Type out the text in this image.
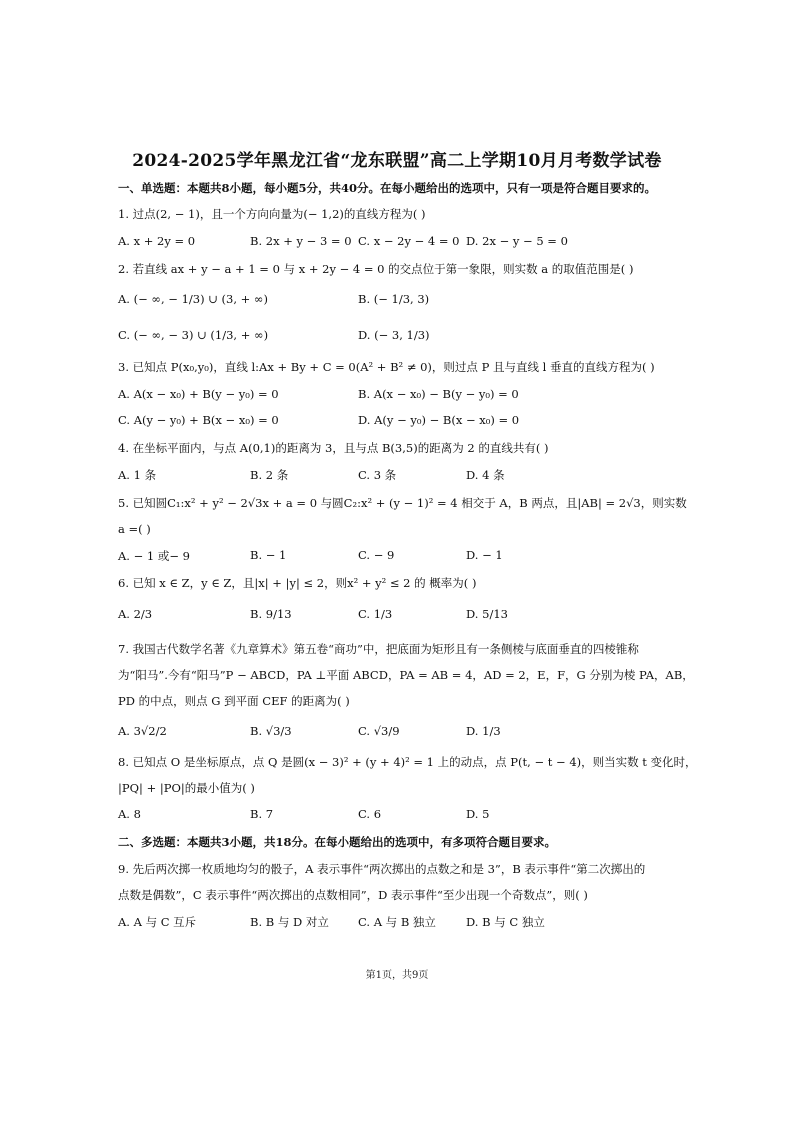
2024-2025学年黑龙江省“龙东联盟”高二上学期10月月考数学试卷
一、单选题：本题共8小题，每小题5分，共40分。在每小题给出的选项中，只有一项是符合题目要求的。
1. 过点(2, − 1)，且一个方向向量为(− 1,2)的直线方程为( )
A. x + 2y = 0	B. 2x + y − 3 = 0 C. x − 2y − 4 = 0 D. 2x − y − 5 = 0
2. 若直线 ax + y − a + 1 = 0 与 x + 2y − 4 = 0 的交点位于第一象限，则实数 a 的取值范围是( )
A. (− ∞, − 1/3) ∪ (3, + ∞)	B. (− 1/3, 3)
C. (− ∞, − 3) ∪ (1/3, + ∞)	D. (− 3, 1/3)
3. 已知点 P(x₀,y₀)，直线 l:Ax + By + C = 0(A² + B² ≠ 0)，则过点 P 且与直线 l 垂直的直线方程为( )
A. A(x − x₀) + B(y − y₀) = 0	B. A(x − x₀) − B(y − y₀) = 0
C. A(y − y₀) + B(x − x₀) = 0	D. A(y − y₀) − B(x − x₀) = 0
4. 在坐标平面内，与点 A(0,1)的距离为 3，且与点 B(3,5)的距离为 2 的直线共有( )
A. 1 条	B. 2 条	C. 3 条	D. 4 条
5. 已知圆C₁:x² + y² − 2√3x + a = 0 与圆C₂:x² + (y − 1)² = 4 相交于 A，B 两点，且|AB| = 2√3，则实数
a =( )
A. − 1 或− 9	B. − 1	C. − 9	D. − 1
6. 已知 x ∈ Z，y ∈ Z，且|x| + |y| ≤ 2，则x² + y² ≤ 2 的 概率为( )
A. 2/3	B. 9/13	C. 1/3	D. 5/13
7. 我国古代数学名著《九章算术》第五卷“商功”中，把底面为矩形且有一条侧棱与底面垂直的四棱锥称
为“阳马”.今有“阳马”P − ABCD，PA ⊥平面 ABCD，PA = AB = 4，AD = 2，E，F，G 分别为棱 PA，AB，
PD 的中点，则点 G 到平面 CEF 的距离为( )
A. 3√2/2	B. √3/3	C. √3/9	D. 1/3
8. 已知点 O 是坐标原点，点 Q 是圆(x − 3)² + (y + 4)² = 1 上的动点，点 P(t, − t − 4)，则当实数 t 变化时，
|PQ| + |PO|的最小值为( )
A. 8	B. 7	C. 6	D. 5
二、多选题：本题共3小题，共18分。在每小题给出的选项中，有多项符合题目要求。
9. 先后两次掷一枚质地均匀的骰子，A 表示事件“两次掷出的点数之和是 3”，B 表示事件“第二次掷出的
点数是偶数”，C 表示事件“两次掷出的点数相同”，D 表示事件“至少出现一个奇数点”，则( )
A. A 与 C 互斥	B. B 与 D 对立	C. A 与 B 独立	D. B 与 C 独立
第1页，共9页
